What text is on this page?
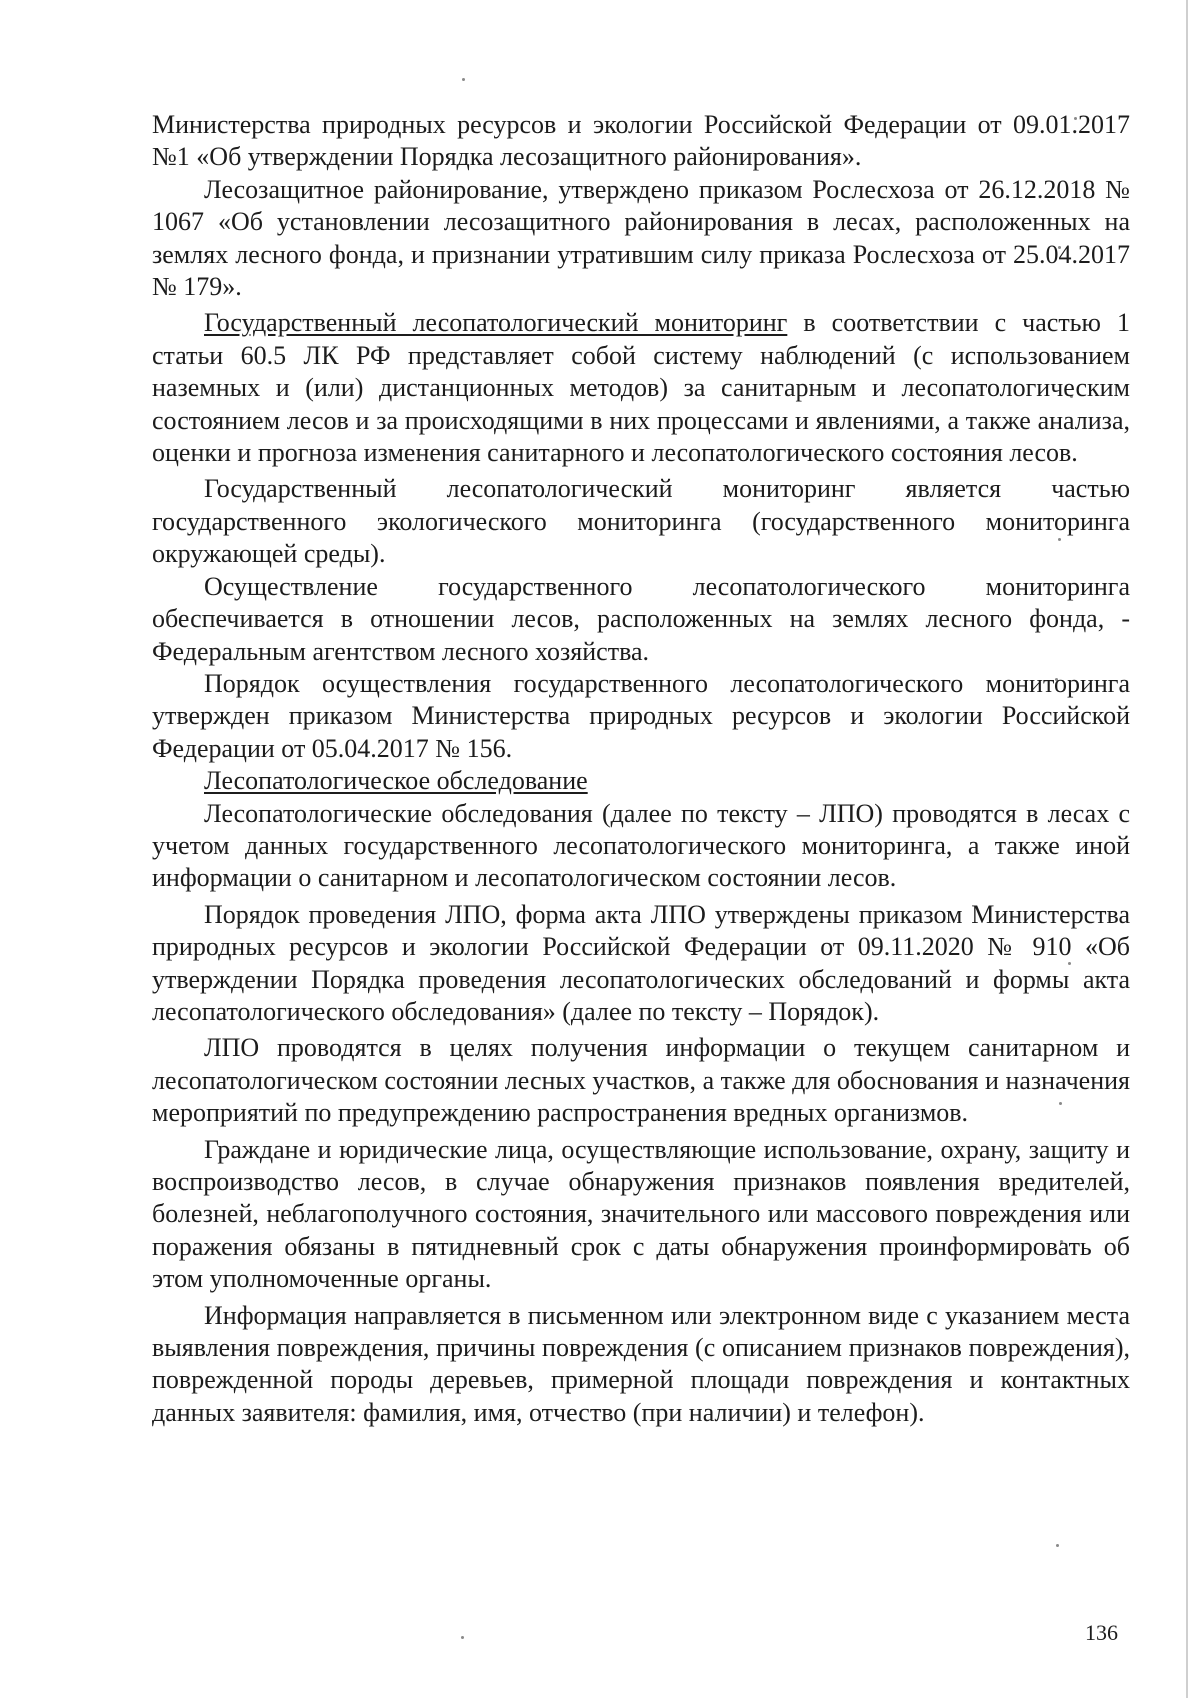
Министерства природных ресурсов и экологии Российской Федерации от 09.01.2017 №1 «Об утверждении Порядка лесозащитного районирования».

Лесозащитное районирование, утверждено приказом Рослесхоза от 26.12.2018 № 1067 «Об установлении лесозащитного районирования в лесах, расположенных на землях лесного фонда, и признании утратившим силу приказа Рослесхоза от 25.04.2017 № 179».

Государственный лесопатологический мониторинг в соответствии с частью 1 статьи 60.5 ЛК РФ представляет собой систему наблюдений (с использованием наземных и (или) дистанционных методов) за санитарным и лесопатологическим состоянием лесов и за происходящими в них процессами и явлениями, а также анализа, оценки и прогноза изменения санитарного и лесопатологического состояния лесов.

Государственный лесопатологический мониторинг является частью государственного экологического мониторинга (государственного мониторинга окружающей среды).

Осуществление государственного лесопатологического мониторинга обеспечивается в отношении лесов, расположенных на землях лесного фонда, - Федеральным агентством лесного хозяйства.

Порядок осуществления государственного лесопатологического мониторинга утвержден приказом Министерства природных ресурсов и экологии Российской Федерации от 05.04.2017 № 156.

Лесопатологическое обследование

Лесопатологические обследования (далее по тексту – ЛПО) проводятся в лесах с учетом данных государственного лесопатологического мониторинга, а также иной информации о санитарном и лесопатологическом состоянии лесов.

Порядок проведения ЛПО, форма акта ЛПО утверждены приказом Министерства природных ресурсов и экологии Российской Федерации от 09.11.2020 № 910 «Об утверждении Порядка проведения лесопатологических обследований и формы акта лесопатологического обследования» (далее по тексту – Порядок).

ЛПО проводятся в целях получения информации о текущем санитарном и лесопатологическом состоянии лесных участков, а также для обоснования и назначения мероприятий по предупреждению распространения вредных организмов.

Граждане и юридические лица, осуществляющие использование, охрану, защиту и воспроизводство лесов, в случае обнаружения признаков появления вредителей, болезней, неблагополучного состояния, значительного или массового повреждения или поражения обязаны в пятидневный срок с даты обнаружения проинформировать об этом уполномоченные органы.

Информация направляется в письменном или электронном виде с указанием места выявления повреждения, причины повреждения (с описанием признаков повреждения), поврежденной породы деревьев, примерной площади повреждения и контактных данных заявителя: фамилия, имя, отчество (при наличии) и телефон).

136
